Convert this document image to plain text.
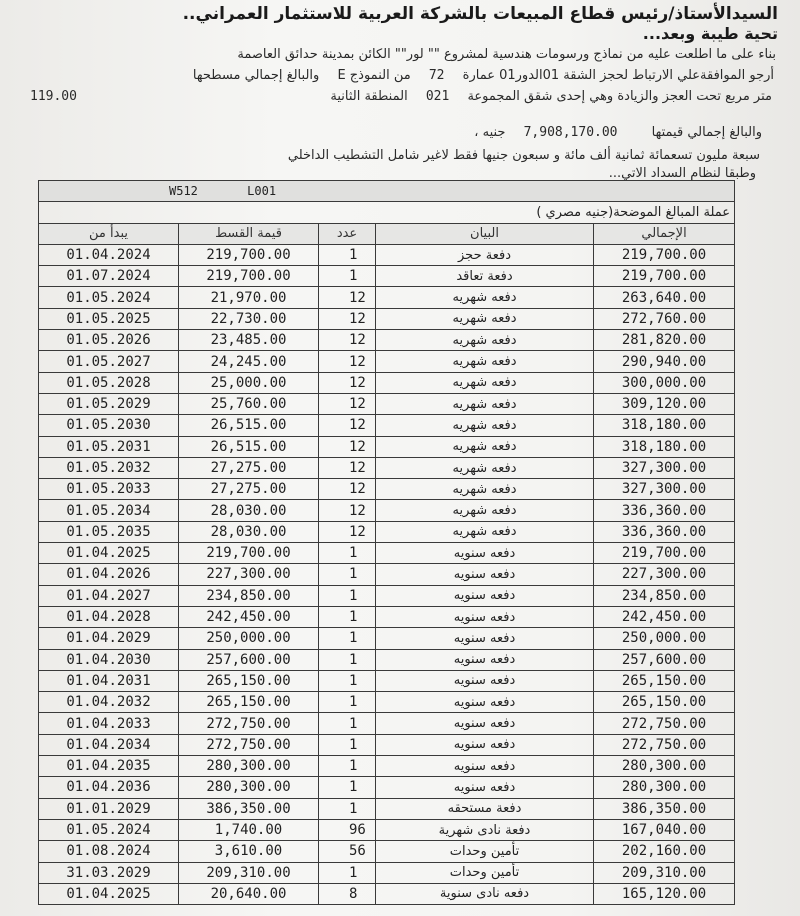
السيدالأستاذ/رئيس قطاع المبيعات بالشركة العربية للاستثمار العمراني..
تحية طيبة وبعد...
بناء على ما اطلعت عليه من نماذج ورسومات هندسية لمشروع "" لور"" الكائن بمدينة حدائق العاصمة
أرجو الموافقةعلي الارتباط لحجز الشقة 01الدور01 عمارة 72 من النموذج E والبالغ إجمالي مسطحها
متر مربع تحت العجز والزيادة وهي إحدى شقق المجموعة 021 المنطقة الثانية
119.00
والبالغ إجمالي قيمتها 7,908,170.00 جنيه ،
سبعة مليون تسعمائة ثمانية ألف مائة و سبعون جنيها فقط لاغير شامل التشطيب الداخلي
وطبقا لنظام السداد الاتي...
W512 L001				
عملة المبالغ الموضحة(جنيه مصري )				
يبدأ من	قيمة القسط	عدد	البيان	الإجمالي
01.04.2024	219,700.00	1	دفعة حجز	219,700.00
01.07.2024	219,700.00	1	دفعة تعاقد	219,700.00
01.05.2024	21,970.00	12	دفعه شهريه	263,640.00
01.05.2025	22,730.00	12	دفعه شهريه	272,760.00
01.05.2026	23,485.00	12	دفعه شهريه	281,820.00
01.05.2027	24,245.00	12	دفعه شهريه	290,940.00
01.05.2028	25,000.00	12	دفعه شهريه	300,000.00
01.05.2029	25,760.00	12	دفعه شهريه	309,120.00
01.05.2030	26,515.00	12	دفعه شهريه	318,180.00
01.05.2031	26,515.00	12	دفعه شهريه	318,180.00
01.05.2032	27,275.00	12	دفعه شهريه	327,300.00
01.05.2033	27,275.00	12	دفعه شهريه	327,300.00
01.05.2034	28,030.00	12	دفعه شهريه	336,360.00
01.05.2035	28,030.00	12	دفعه شهريه	336,360.00
01.04.2025	219,700.00	1	دفعه سنويه	219,700.00
01.04.2026	227,300.00	1	دفعه سنويه	227,300.00
01.04.2027	234,850.00	1	دفعه سنويه	234,850.00
01.04.2028	242,450.00	1	دفعه سنويه	242,450.00
01.04.2029	250,000.00	1	دفعه سنويه	250,000.00
01.04.2030	257,600.00	1	دفعه سنويه	257,600.00
01.04.2031	265,150.00	1	دفعه سنويه	265,150.00
01.04.2032	265,150.00	1	دفعه سنويه	265,150.00
01.04.2033	272,750.00	1	دفعه سنويه	272,750.00
01.04.2034	272,750.00	1	دفعه سنويه	272,750.00
01.04.2035	280,300.00	1	دفعه سنويه	280,300.00
01.04.2036	280,300.00	1	دفعه سنويه	280,300.00
01.01.2029	386,350.00	1	دفعة مستحقه	386,350.00
01.05.2024	1,740.00	96	دفعة نادى شهرية	167,040.00
01.08.2024	3,610.00	56	تأمين وحدات	202,160.00
31.03.2029	209,310.00	1	تأمين وحدات	209,310.00
01.04.2025	20,640.00	8	دفعه نادى سنوية	165,120.00
